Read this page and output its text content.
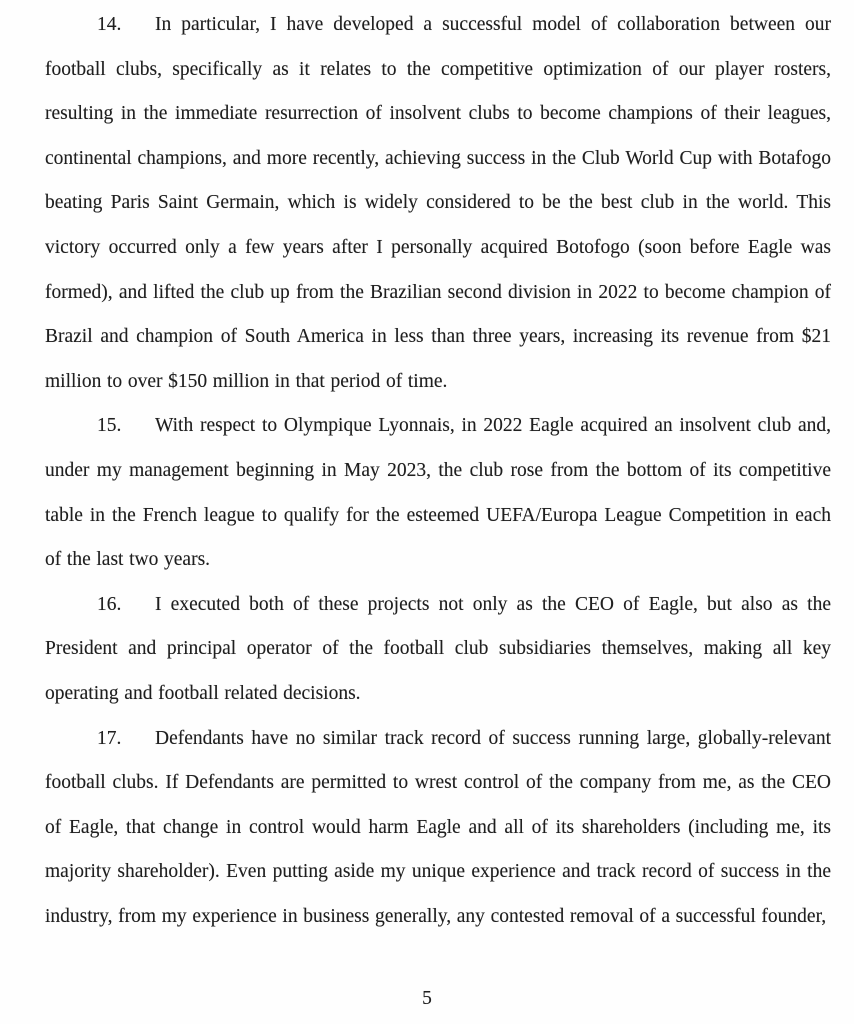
14. In particular, I have developed a successful model of collaboration between our football clubs, specifically as it relates to the competitive optimization of our player rosters, resulting in the immediate resurrection of insolvent clubs to become champions of their leagues, continental champions, and more recently, achieving success in the Club World Cup with Botafogo beating Paris Saint Germain, which is widely considered to be the best club in the world. This victory occurred only a few years after I personally acquired Botofogo (soon before Eagle was formed), and lifted the club up from the Brazilian second division in 2022 to become champion of Brazil and champion of South America in less than three years, increasing its revenue from $21 million to over $150 million in that period of time.

15. With respect to Olympique Lyonnais, in 2022 Eagle acquired an insolvent club and, under my management beginning in May 2023, the club rose from the bottom of its competitive table in the French league to qualify for the esteemed UEFA/Europa League Competition in each of the last two years.

16. I executed both of these projects not only as the CEO of Eagle, but also as the President and principal operator of the football club subsidiaries themselves, making all key operating and football related decisions.

17. Defendants have no similar track record of success running large, globally-relevant football clubs. If Defendants are permitted to wrest control of the company from me, as the CEO of Eagle, that change in control would harm Eagle and all of its shareholders (including me, its majority shareholder). Even putting aside my unique experience and track record of success in the industry, from my experience in business generally, any contested removal of a successful founder,

5
